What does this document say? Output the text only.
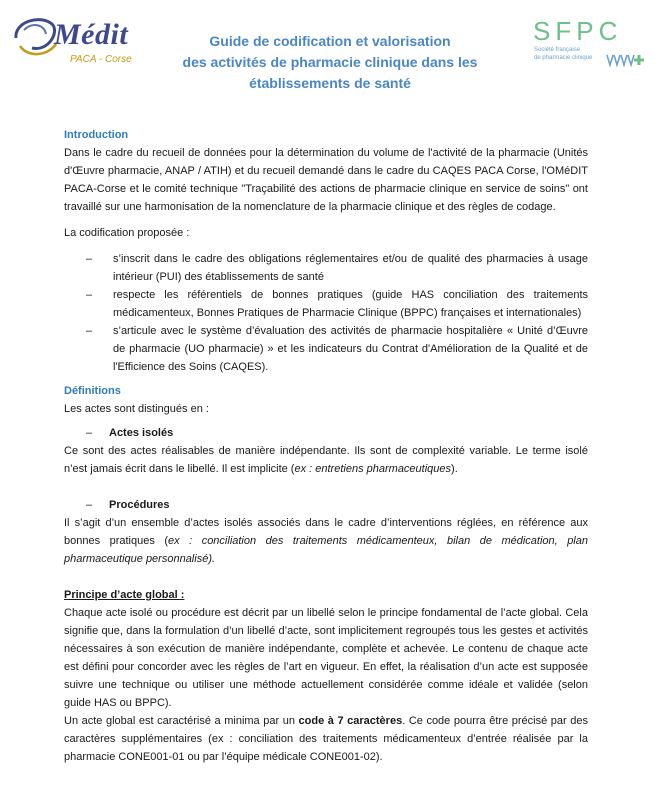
Médit
PACA - Corse
Guide de codification et valorisation
des activités de pharmacie clinique dans les
établissements de santé
SFPC
Société française
de pharmacie clinique
Introduction
Dans le cadre du recueil de données pour la détermination du volume de l'activité de la pharmacie (Unités d'Œuvre pharmacie, ANAP / ATIH) et du recueil demandé dans le cadre du CAQES PACA Corse, l'OMéDIT PACA-Corse et le comité technique "Traçabilité des actions de pharmacie clinique en service de soins" ont travaillé sur une harmonisation de la nomenclature de la pharmacie clinique et des règles de codage.
La codification proposée :
– s’inscrit dans le cadre des obligations réglementaires et/ou de qualité des pharmacies à usage intérieur (PUI) des établissements de santé
– respecte les référentiels de bonnes pratiques (guide HAS conciliation des traitements médicamenteux, Bonnes Pratiques de Pharmacie Clinique (BPPC) françaises et internationales)
– s’articule avec le système d’évaluation des activités de pharmacie hospitalière « Unité d’Œuvre de pharmacie (UO pharmacie) » et les indicateurs du Contrat d'Amélioration de la Qualité et de l'Efficience des Soins (CAQES).
Définitions
Les actes sont distingués en :
– Actes isolés
Ce sont des actes réalisables de manière indépendante. Ils sont de complexité variable. Le terme isolé n’est jamais écrit dans le libellé. Il est implicite (ex : entretiens pharmaceutiques).
– Procédures
Il s’agit d’un ensemble d’actes isolés associés dans le cadre d’interventions réglées, en référence aux bonnes pratiques (ex : conciliation des traitements médicamenteux, bilan de médication, plan pharmaceutique personnalisé).
Principe d’acte global :
Chaque acte isolé ou procédure est décrit par un libellé selon le principe fondamental de l’acte global. Cela signifie que, dans la formulation d’un libellé d’acte, sont implicitement regroupés tous les gestes et activités nécessaires à son exécution de manière indépendante, complète et achevée. Le contenu de chaque acte est défini pour concorder avec les règles de l’art en vigueur. En effet, la réalisation d’un acte est supposée suivre une technique ou utiliser une méthode actuellement considérée comme idéale et validée (selon guide HAS ou BPPC).
Un acte global est caractérisé a minima par un code à 7 caractères. Ce code pourra être précisé par des caractères supplémentaires (ex : conciliation des traitements médicamenteux d’entrée réalisée par la pharmacie CONE001-01 ou par l’équipe médicale CONE001-02).
